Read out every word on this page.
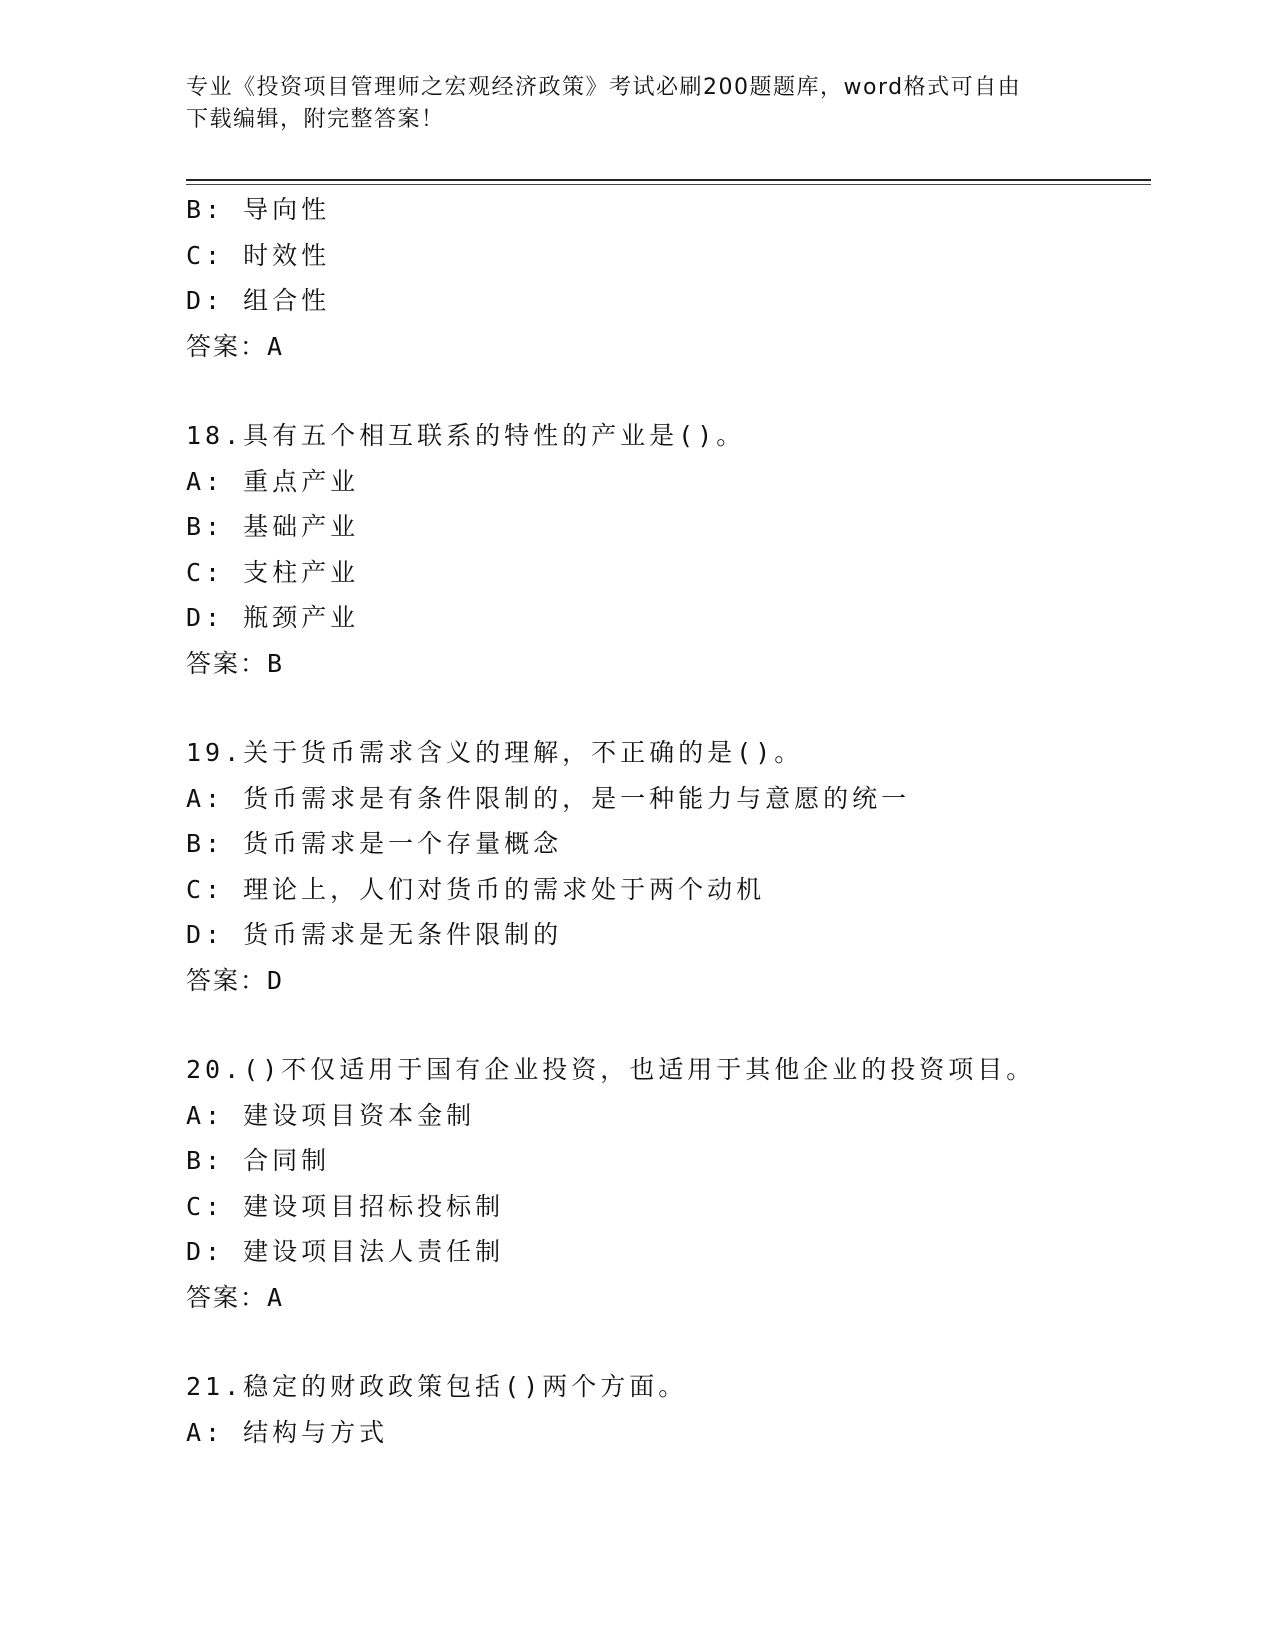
专业《投资项目管理师之宏观经济政策》考试必刷200题题库，word格式可自由
下载编辑，附完整答案！
B: 导向性
C: 时效性
D: 组合性
答案：A
18.具有五个相互联系的特性的产业是()。
A: 重点产业
B: 基础产业
C: 支柱产业
D: 瓶颈产业
答案：B
19.关于货币需求含义的理解，不正确的是()。
A: 货币需求是有条件限制的，是一种能力与意愿的统一
B: 货币需求是一个存量概念
C: 理论上，人们对货币的需求处于两个动机
D: 货币需求是无条件限制的
答案：D
20.()不仅适用于国有企业投资，也适用于其他企业的投资项目。
A: 建设项目资本金制
B: 合同制
C: 建设项目招标投标制
D: 建设项目法人责任制
答案：A
21.稳定的财政政策包括()两个方面。
A: 结构与方式
